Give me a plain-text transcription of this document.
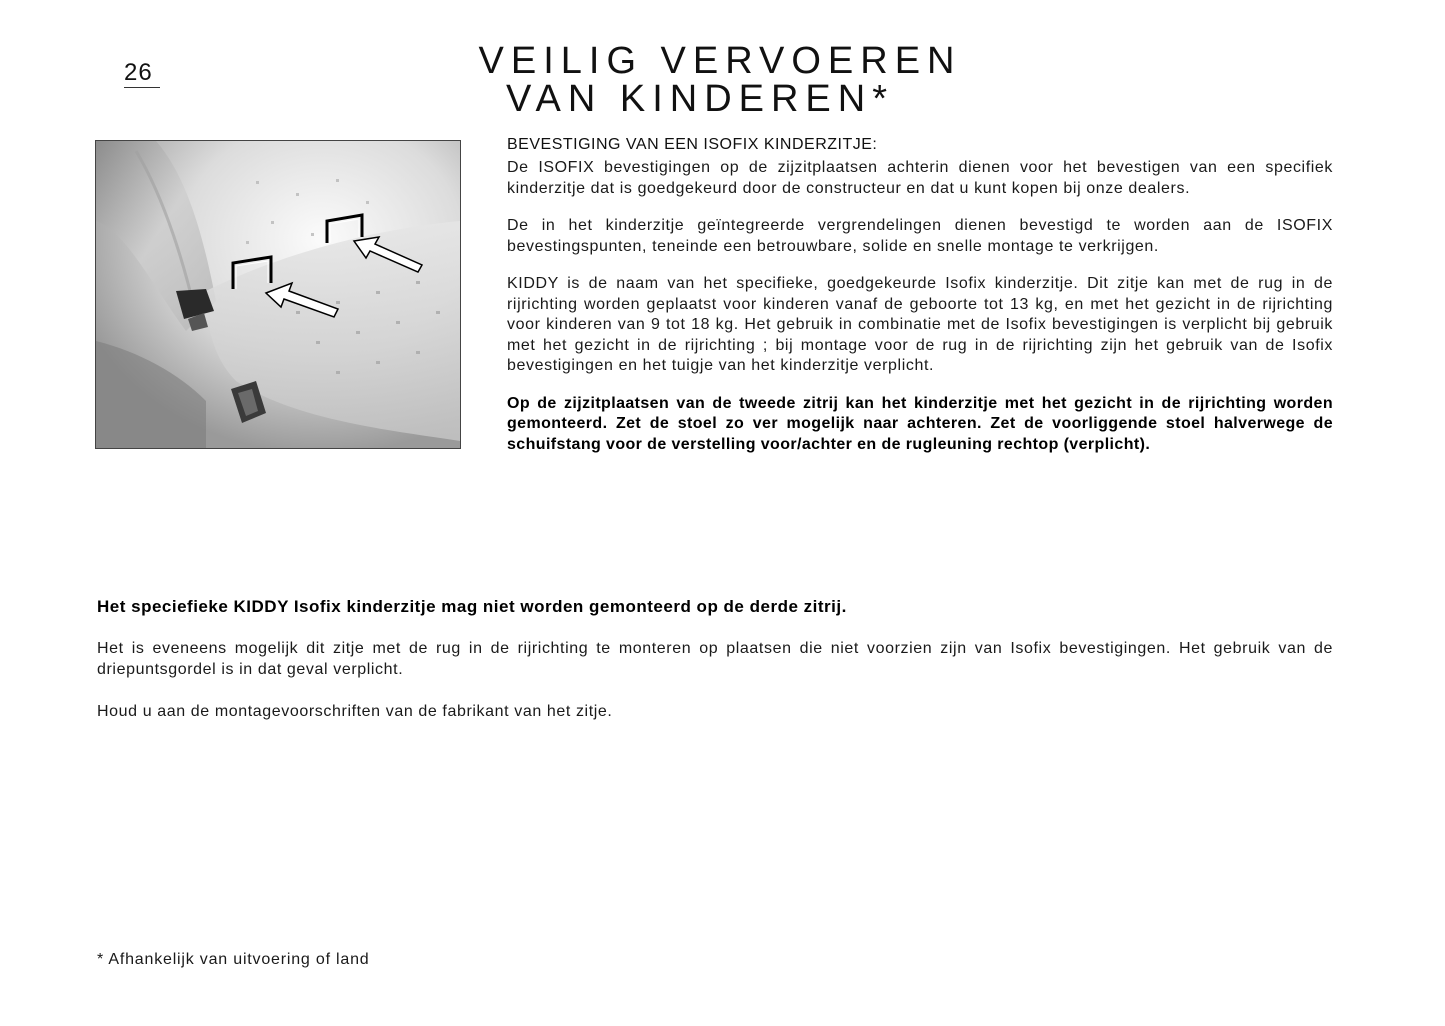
26	VEILIG VERVOEREN
VAN KINDEREN*
BEVESTIGING VAN EEN ISOFIX KINDERZITJE:

De ISOFIX bevestigingen op de zijzitplaatsen achterin dienen voor het bevestigen van een specifiek kinderzitje dat is goedgekeurd door de constructeur en dat u kunt kopen bij onze dealers.

De in het kinderzitje geïntegreerde vergrendelingen dienen bevestigd te worden aan de ISOFIX bevestingspunten, teneinde een betrouwbare, solide en snelle montage te verkrijgen.

KIDDY is de naam van het specifieke, goedgekeurde Isofix kinderzitje. Dit zitje kan met de rug in de rijrichting worden geplaatst voor kinderen vanaf de geboorte tot 13 kg, en met het gezicht in de rijrichting voor kinderen van 9 tot 18 kg. Het gebruik in combinatie met de Isofix bevestigingen is verplicht bij gebruik met het gezicht in de rijrichting ; bij montage voor de rug in de rijrichting zijn het gebruik van de Isofix bevestigingen en het tuigje van het kinderzitje verplicht.

Op de zijzitplaatsen van de tweede zitrij kan het kinderzitje met het gezicht in de rijrichting worden gemonteerd. Zet de stoel zo ver mogelijk naar achteren. Zet de voorliggende stoel halverwege de schuifstang voor de verstelling voor/achter en de rugleuning rechtop (verplicht).

Het speciefieke KIDDY Isofix kinderzitje mag niet worden gemonteerd op de derde zitrij.
Het is eveneens mogelijk dit zitje met de rug in de rijrichting te monteren op plaatsen die niet voorzien zijn van Isofix bevestigingen. Het gebruik van de driepuntsgordel is in dat geval verplicht.
Houd u aan de montagevoorschriften van de fabrikant van het zitje.
* Afhankelijk van uitvoering of land
